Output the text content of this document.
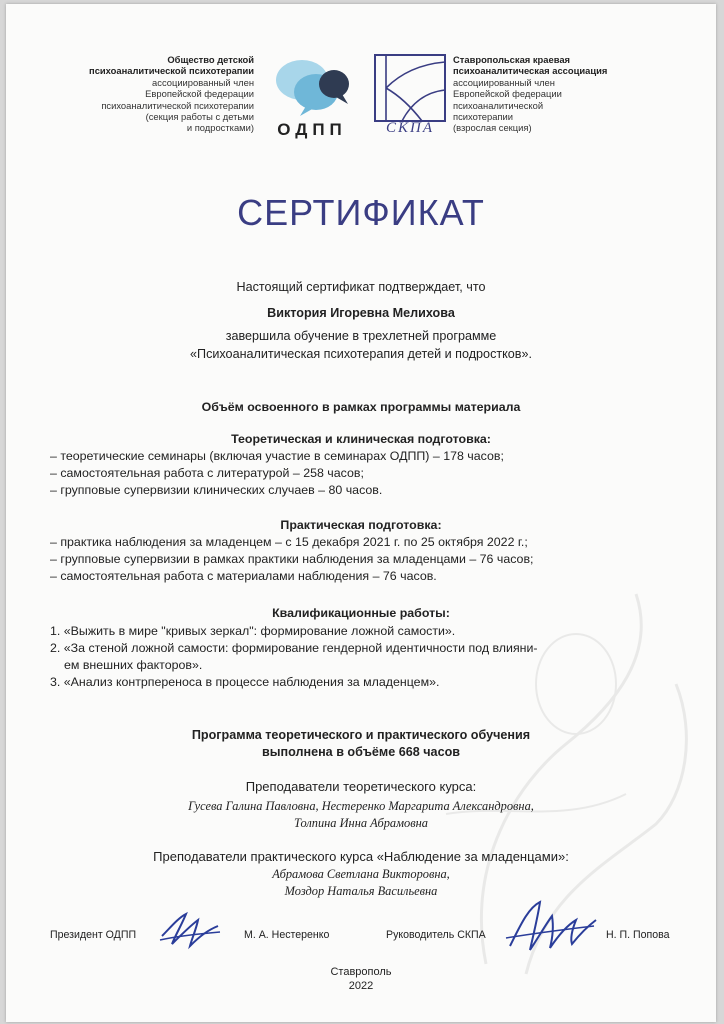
Общество детской
психоаналитической психотерапии
ассоциированный член
Европейской федерации
психоаналитической психотерапии
(секция работы с детьми
и подростками)	ОДПП	СКПА
Ставропольская краевая
психоаналитическая ассоциация
ассоциированный член
Европейской федерации
психоаналитической
психотерапии
(взрослая секция)
СЕРТИФИКАТ
Настоящий сертификат подтверждает, что
Виктория Игоревна Мелихова
завершила обучение в трехлетней программе
«Психоаналитическая психотерапия детей и подростков».
Объём освоенного в рамках программы материала
Теоретическая и клиническая подготовка:
– теоретические семинары (включая участие в семинарах ОДПП) – 178 часов;
– самостоятельная работа с литературой – 258 часов;
– групповые супервизии клинических случаев – 80 часов.
Практическая подготовка:
– практика наблюдения за младенцем – с 15 декабря 2021 г. по 25 октября 2022 г.;
– групповые супервизии в рамках практики наблюдения за младенцами – 76 часов;
– самостоятельная работа с материалами наблюдения – 76 часов.
Квалификационные работы:
1. «Выжить в мире "кривых зеркал": формирование ложной самости».
2. «За стеной ложной самости: формирование гендерной идентичности под влияни-
ем внешних факторов».
3. «Анализ контрпереноса в процессе наблюдения за младенцем».
Программа теоретического и практического обучения
выполнена в объёме 668 часов
Преподаватели теоретического курса:
Гусева Галина Павловна, Нестеренко Маргарита Александровна,
Толпина Инна Абрамовна
Преподаватели практического курса «Наблюдение за младенцами»:
Абрамова Светлана Викторовна,
Моздор Наталья Васильевна
Президент ОДПП	М. А. Нестеренко	Руководитель СКПА	Н. П. Попова
Ставрополь
2022
